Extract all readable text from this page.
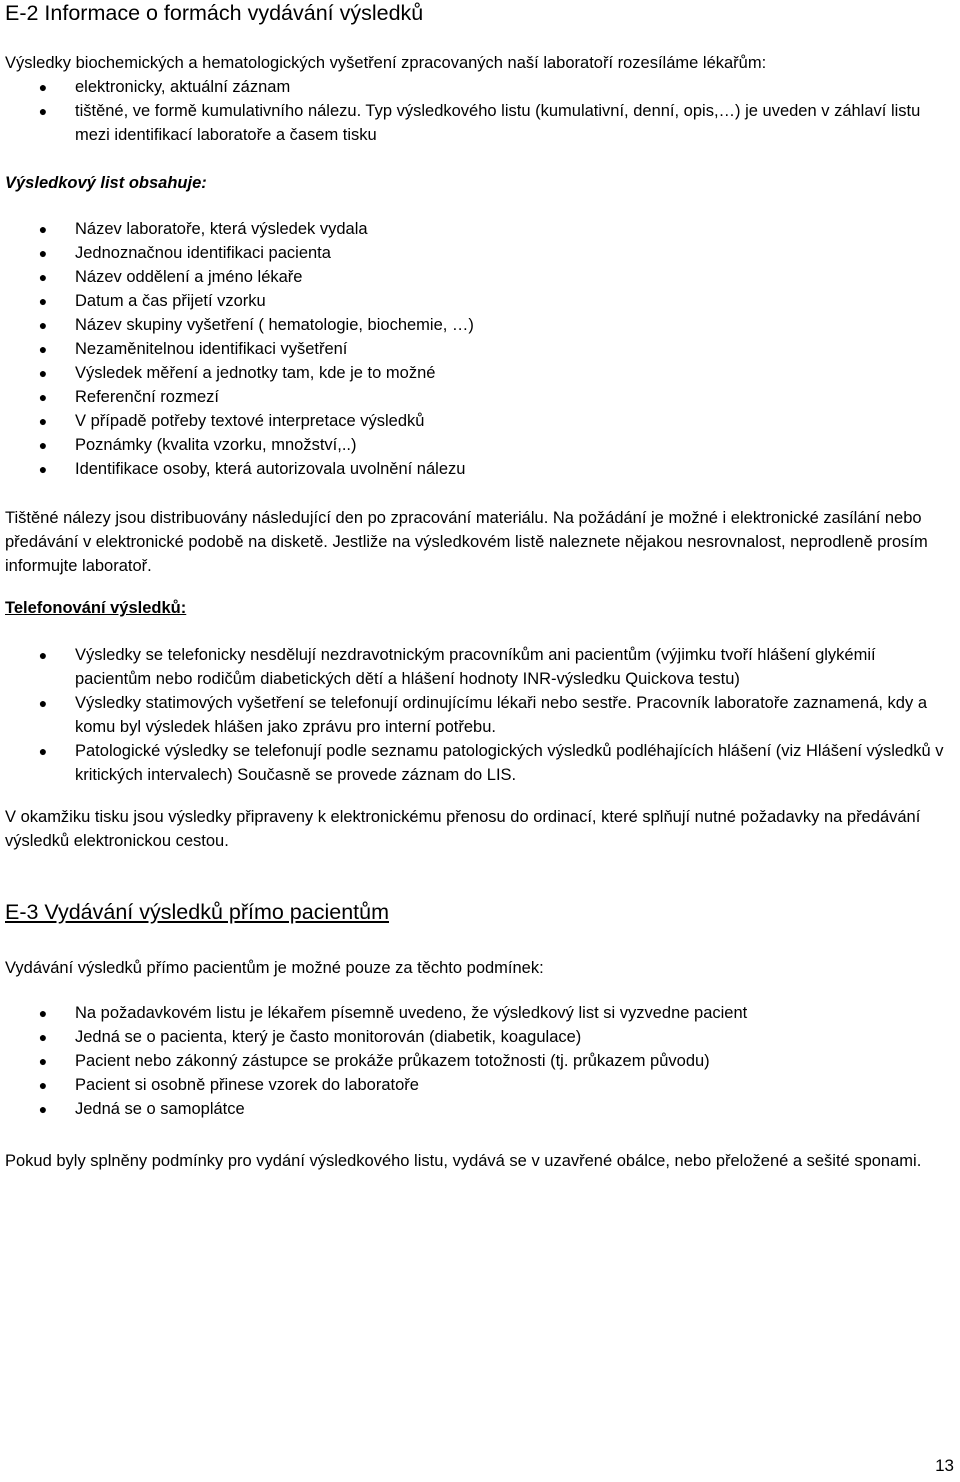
E-2 Informace o formách vydávání výsledků

Výsledky biochemických a hematologických vyšetření zpracovaných naší laboratoří rozesíláme lékařům:

● elektronicky, aktuální záznam
● tištěné, ve formě kumulativního nálezu. Typ výsledkového listu (kumulativní, denní, opis,…) je uveden v záhlaví listu mezi identifikací laboratoře a časem tisku

Výsledkový list obsahuje:

● Název laboratoře, která výsledek vydala
● Jednoznačnou identifikaci pacienta
● Název oddělení a jméno lékaře
● Datum a čas přijetí vzorku
● Název skupiny vyšetření ( hematologie, biochemie, …)
● Nezaměnitelnou identifikaci vyšetření
● Výsledek měření a jednotky tam, kde je to možné
● Referenční rozmezí
● V případě potřeby textové interpretace výsledků
● Poznámky (kvalita vzorku, množství,..)
● Identifikace osoby, která autorizovala uvolnění nálezu

Tištěné nálezy jsou distribuovány následující den po zpracování materiálu. Na požádání je možné i elektronické zasílání nebo předávání v elektronické podobě na disketě. Jestliže na výsledkovém listě naleznete nějakou nesrovnalost, neprodleně prosím informujte laboratoř.

Telefonování výsledků:

● Výsledky se telefonicky nesdělují nezdravotnickým pracovníkům ani pacientům (výjimku tvoří hlášení glykémií pacientům nebo rodičům diabetických dětí a hlášení hodnoty INR-výsledku Quickova testu)
● Výsledky statimových vyšetření se telefonují ordinujícímu lékaři nebo sestře. Pracovník laboratoře zaznamená, kdy a komu byl výsledek hlášen jako zprávu pro interní potřebu.
● Patologické výsledky se telefonují podle seznamu patologických výsledků podléhajících hlášení (viz Hlášení výsledků v kritických intervalech) Současně se provede záznam do LIS.

V okamžiku tisku jsou výsledky připraveny k elektronickému přenosu do ordinací, které splňují nutné požadavky na předávání výsledků elektronickou cestou.

E-3 Vydávání výsledků přímo pacientům

Vydávání výsledků přímo pacientům je možné pouze za těchto podmínek:

● Na požadavkovém listu je lékařem písemně uvedeno, že výsledkový list si vyzvedne pacient
● Jedná se o pacienta, který je často monitorován (diabetik, koagulace)
● Pacient nebo zákonný zástupce se prokáže průkazem totožnosti (tj. průkazem původu)
● Pacient si osobně přinese vzorek do laboratoře
● Jedná se o samoplátce

Pokud byly splněny podmínky pro vydání výsledkového listu, vydává se v uzavřené obálce, nebo přeložené a sešité sponami.

13
